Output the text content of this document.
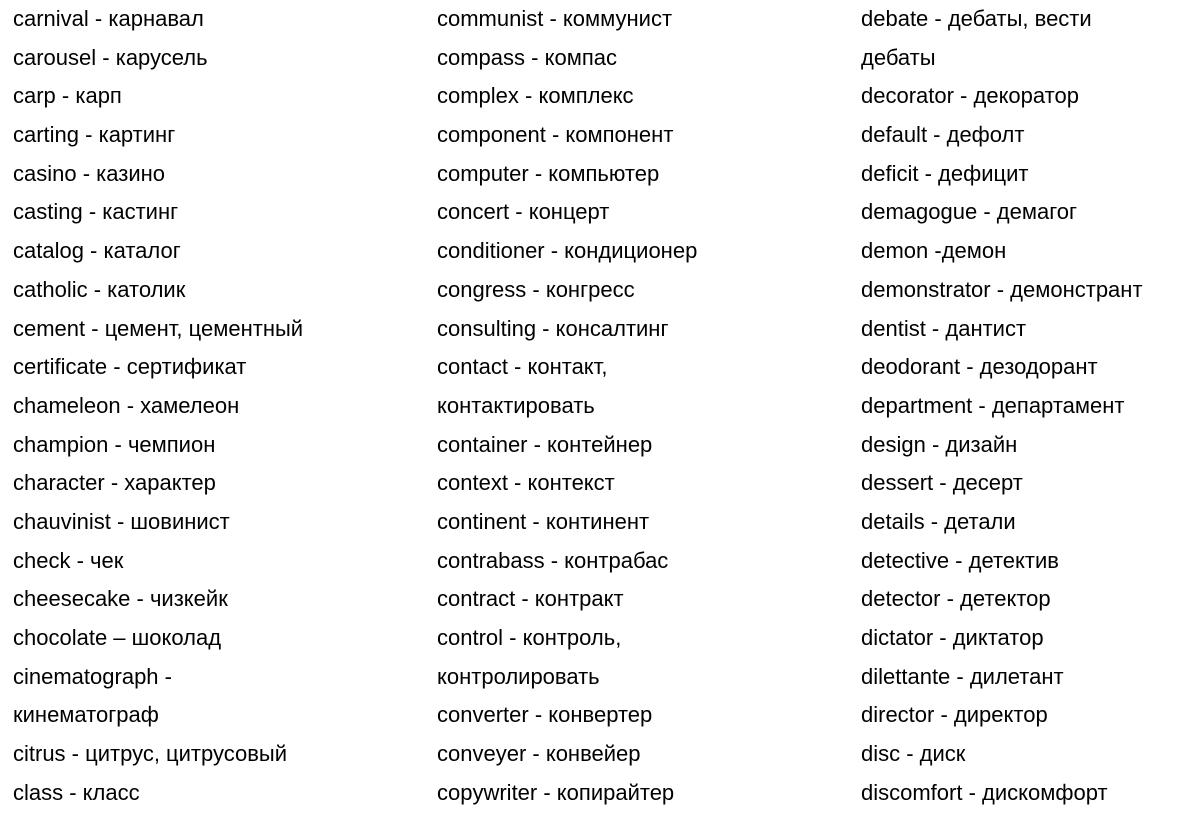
carnival - карнавал
carousel - карусель
carp - карп
carting - картинг
casino - казино
casting - кастинг
catalog - каталог
catholic - католик
cement - цемент, цементный
certificate - сертификат
chameleon - хамелеон
champion - чемпион
character - характер
chauvinist - шовинист
check - чек
cheesecake - чизкейк
chocolate – шоколад
cinematograph -
кинематограф
citrus - цитрус, цитрусовый
class - класс
communist - коммунист
compass - компас
complex - комплекс
component - компонент
computer - компьютер
concert - концерт
conditioner - кондиционер
congress - конгресс
consulting - консалтинг
contact - контакт,
контактировать
container - контейнер
context - контекст
continent - континент
contrabass - контрабас
contract - контракт
control - контроль,
контролировать
converter - конвертер
conveyer - конвейер
copywriter - копирайтер
debate - дебаты, вести
дебаты
decorator - декоратор
default - дефолт
deficit - дефицит
demagogue - демагог
demon -демон
demonstrator - демонстрант
dentist - дантист
deodorant - дезодорант
department - департамент
design - дизайн
dessert - десерт
details - детали
detective - детектив
detector - детектор
dictator - диктатор
dilettante - дилетант
director - директор
disc - диск
discomfort - дискомфорт
